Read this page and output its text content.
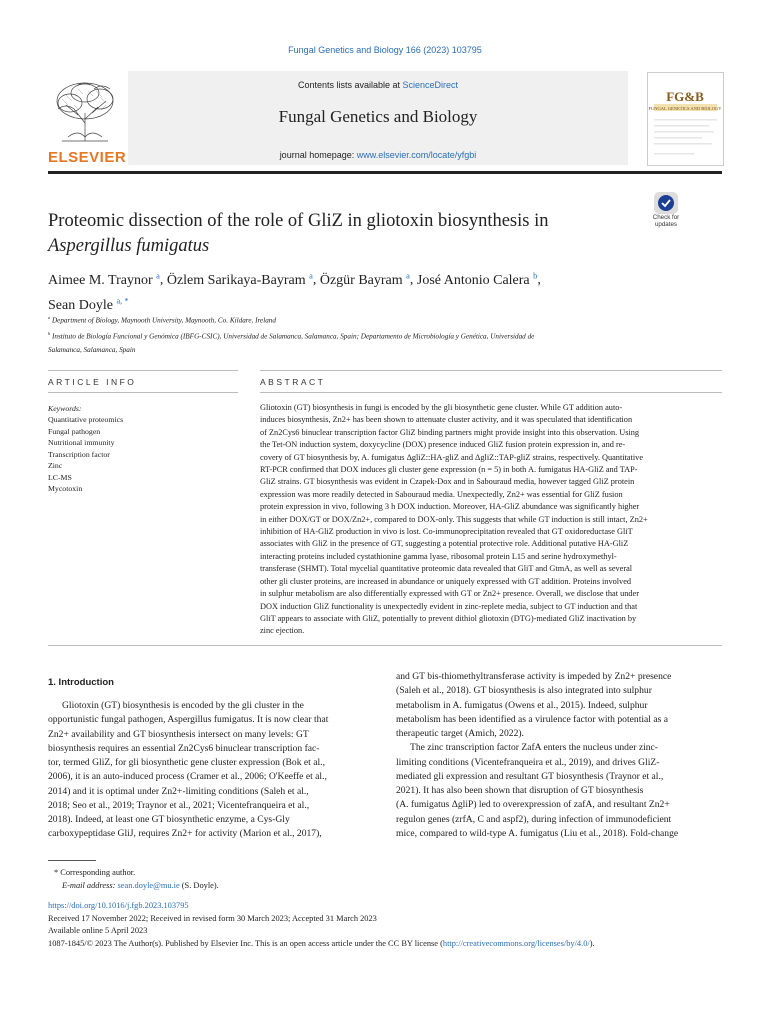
Fungal Genetics and Biology 166 (2023) 103795
ELSEVIER
Contents lists available at ScienceDirect
Fungal Genetics and Biology
journal homepage: www.elsevier.com/locate/yfgbi
FG&B
FUNGAL GENETICS AND BIOLOGY
Proteomic dissection of the role of GliZ in gliotoxin biosynthesis in
Aspergillus fumigatus
Check for updates
Aimee M. Traynor $^a$, Özlem Sarikaya-Bayram $^a$, Özgür Bayram $^a$, José Antonio Calera $^b$,
Sean Doyle $^{a, *}$
$^a$ Department of Biology, Maynooth University, Maynooth, Co. Kildare, Ireland
$^b$ Instituto de Biología Funcional y Genómica (IBFG-CSIC), Universidad de Salamanca, Salamanca, Spain; Departamento de Microbiología y Genética, Universidad de
Salamanca, Salamanca, Spain
ARTICLE INFO	ABSTRACT
Keywords:
Quantitative proteomics
Fungal pathogen
Nutritional immunity
Transcription factor
Zinc
LC-MS
Mycotoxin
Gliotoxin (GT) biosynthesis in fungi is encoded by the gli biosynthetic gene cluster. While GT addition auto-
induces biosynthesis, Zn2+ has been shown to attenuate cluster activity, and it was speculated that identification
of Zn2Cys6 binuclear transcription factor GliZ binding partners might provide insight into this observation. Using
the Tet-ON induction system, doxycycline (DOX) presence induced GliZ fusion protein expression in, and re-
covery of GT biosynthesis by, A. fumigatus ΔgliZ::HA-gliZ and ΔgliZ::TAP-gliZ strains, respectively. Quantitative
RT-PCR confirmed that DOX induces gli cluster gene expression (n = 5) in both A. fumigatus HA-GliZ and TAP-
GliZ strains. GT biosynthesis was evident in Czapek-Dox and in Sabouraud media, however tagged GliZ protein
expression was more readily detected in Sabouraud media. Unexpectedly, Zn2+ was essential for GliZ fusion
protein expression in vivo, following 3 h DOX induction. Moreover, HA-GliZ abundance was significantly higher
in either DOX/GT or DOX/Zn2+, compared to DOX-only. This suggests that while GT induction is still intact, Zn2+
inhibition of HA-GliZ production in vivo is lost. Co-immunoprecipitation revealed that GT oxidoreductase GliT
associates with GliZ in the presence of GT, suggesting a potential protective role. Additional putative HA-GliZ
interacting proteins included cystathionine gamma lyase, ribosomal protein L15 and serine hydroxymethyl-
transferase (SHMT). Total mycelial quantitative proteomic data revealed that GliT and GtmA, as well as several
other gli cluster proteins, are increased in abundance or uniquely expressed with GT addition. Proteins involved
in sulphur metabolism are also differentially expressed with GT or Zn2+ presence. Overall, we disclose that under
DOX induction GliZ functionality is unexpectedly evident in zinc-replete media, subject to GT induction and that
GliT appears to associate with GliZ, potentially to prevent dithiol gliotoxin (DTG)-mediated GliZ inactivation by
zinc ejection.
1. Introduction
Gliotoxin (GT) biosynthesis is encoded by the gli cluster in the
opportunistic fungal pathogen, Aspergillus fumigatus. It is now clear that
Zn2+ availability and GT biosynthesis intersect on many levels: GT
biosynthesis requires an essential Zn2Cys6 binuclear transcription fac-
tor, termed GliZ, for gli biosynthetic gene cluster expression (Bok et al.,
2006), it is an auto-induced process (Cramer et al., 2006; O'Keeffe et al.,
2014) and it is optimal under Zn2+-limiting conditions (Saleh et al.,
2018; Seo et al., 2019; Traynor et al., 2021; Vicentefranqueira et al.,
2018). Indeed, at least one GT biosynthetic enzyme, a Cys-Gly
carboxypeptidase GliJ, requires Zn2+ for activity (Marion et al., 2017),
and GT bis-thiomethyltransferase activity is impeded by Zn2+ presence
(Saleh et al., 2018). GT biosynthesis is also integrated into sulphur
metabolism in A. fumigatus (Owens et al., 2015). Indeed, sulphur
metabolism has been identified as a virulence factor with potential as a
therapeutic target (Amich, 2022).
The zinc transcription factor ZafA enters the nucleus under zinc-
limiting conditions (Vicentefranqueira et al., 2019), and drives GliZ-
mediated gli expression and resultant GT biosynthesis (Traynor et al.,
2021). It has also been shown that disruption of GT biosynthesis
(A. fumigatus ΔgliP) led to overexpression of zafA, and resultant Zn2+
regulon genes (zrfA, C and aspf2), during infection of immunodeficient
mice, compared to wild-type A. fumigatus (Liu et al., 2018). Fold-change
* Corresponding author.
E-mail address: sean.doyle@mu.ie (S. Doyle).
https://doi.org/10.1016/j.fgb.2023.103795
Received 17 November 2022; Received in revised form 30 March 2023; Accepted 31 March 2023
Available online 5 April 2023
1087-1845/© 2023 The Author(s). Published by Elsevier Inc. This is an open access article under the CC BY license (http://creativecommons.org/licenses/by/4.0/).
